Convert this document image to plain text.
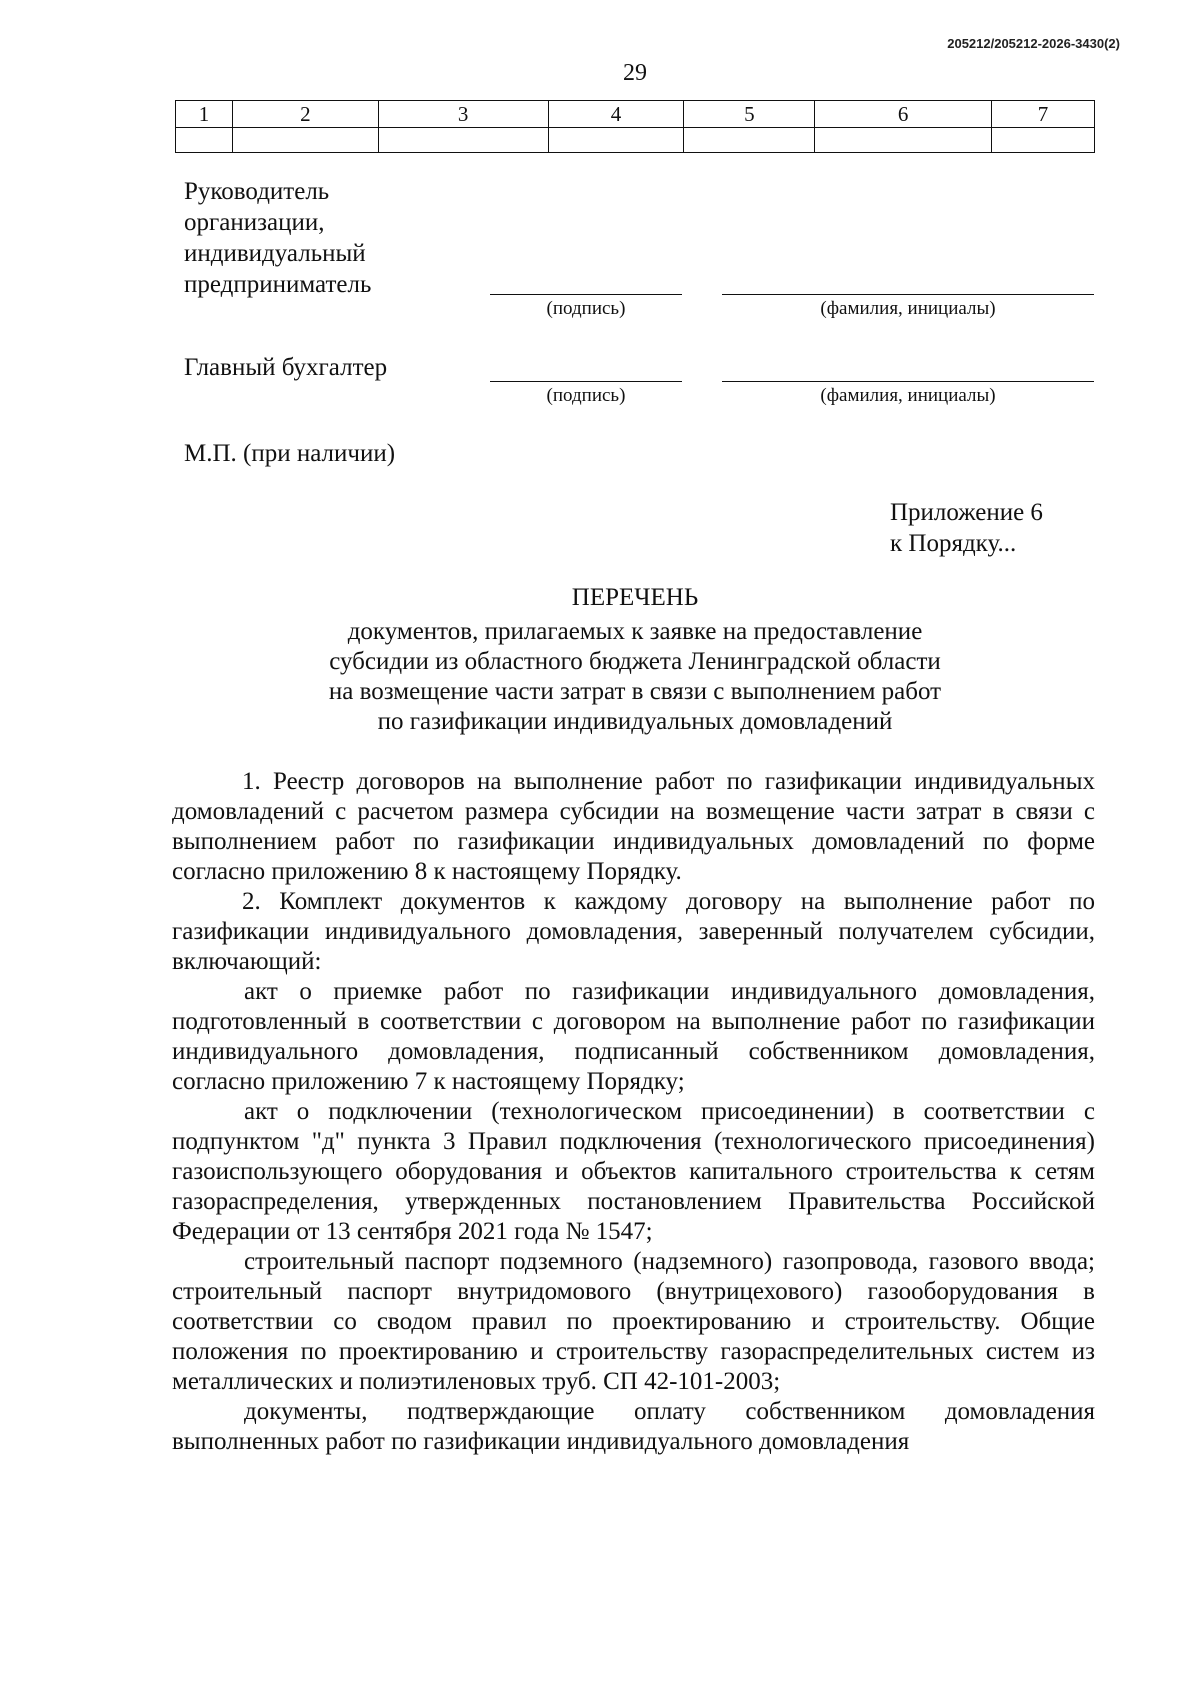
205212/205212-2026-3430(2)
29
1	2	3	4	5	6	7

Руководитель
организации,
индивидуальный
предприниматель
(подпись)	(фамилия, инициалы)
Главный бухгалтер
(подпись)	(фамилия, инициалы)
М.П. (при наличии)
Приложение 6
к Порядку...
ПЕРЕЧЕНЬ
документов, прилагаемых к заявке на предоставление
субсидии из областного бюджета Ленинградской области
на возмещение части затрат в связи с выполнением работ
по газификации индивидуальных домовладений

1. Реестр договоров на выполнение работ по газификации индивидуальных домовладений с расчетом размера субсидии на возмещение части затрат в связи с выполнением работ по газификации индивидуальных домовладений по форме согласно приложению 8 к настоящему Порядку.

2. Комплект документов к каждому договору на выполнение работ по газификации индивидуального домовладения, заверенный получателем субсидии, включающий:

акт о приемке работ по газификации индивидуального домовладения, подготовленный в соответствии с договором на выполнение работ по газификации индивидуального домовладения, подписанный собственником домовладения, согласно приложению 7 к настоящему Порядку;

акт о подключении (технологическом присоединении) в соответствии с подпунктом "д" пункта 3 Правил подключения (технологического присоединения) газоиспользующего оборудования и объектов капитального строительства к сетям газораспределения, утвержденных постановлением Правительства Российской Федерации от 13 сентября 2021 года № 1547;

строительный паспорт подземного (надземного) газопровода, газового ввода; строительный паспорт внутридомового (внутрицехового) газооборудования в соответствии со сводом правил по проектированию и строительству. Общие положения по проектированию и строительству газораспределительных систем из металлических и полиэтиленовых труб. СП 42-101-2003;

документы, подтверждающие оплату собственником домовладения выполненных работ по газификации индивидуального домовладения
